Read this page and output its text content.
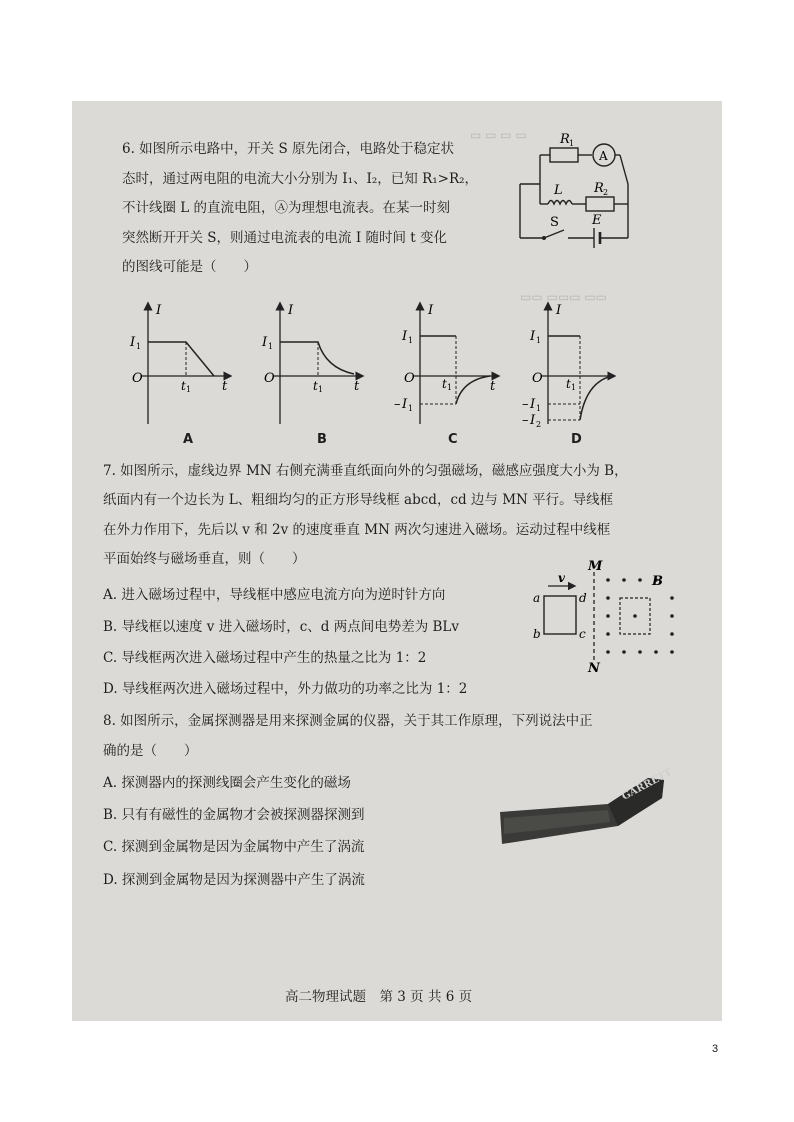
▭ ▭ ▭ ▭
▭▭ ▭▭▭ ▭▭
6. 如图所示电路中，开关 S 原先闭合，电路处于稳定状
态时，通过两电阻的电流大小分别为 I₁、I₂，已知 R₁>R₂，
不计线圈 L 的直流电阻，Ⓐ为理想电流表。在某一时刻
突然断开开关 S，则通过电流表的电流 I 随时间 t 变化
的图线可能是（　　）
A
R 1
L R 2
S	E
I
t
O
I 1
t 1
I
t
O
I 1
t 1
I
t
O
I 1
– I 1
t 1
I
O
I 1
– I 1
– I 2
t 1
A	B	C	D
7. 如图所示，虚线边界 MN 右侧充满垂直纸面向外的匀强磁场，磁感应强度大小为 B，
纸面内有一个边长为 L、粗细均匀的正方形导线框 abcd，cd 边与 MN 平行。导线框
在外力作用下，先后以 v 和 2v 的速度垂直 MN 两次匀速进入磁场。运动过程中线框
平面始终与磁场垂直，则（　　）
A. 进入磁场过程中，导线框中感应电流方向为逆时针方向
B. 导线框以速度 v 进入磁场时，c、d 两点间电势差为 BLv
C. 导线框两次进入磁场过程中产生的热量之比为 1：2
D. 导线框两次进入磁场过程中，外力做功的功率之比为 1：2
M
N
B
v
a
b	c
d
8. 如图所示，金属探测器是用来探测金属的仪器，关于其工作原理，下列说法中正
确的是（　　）
A. 探测器内的探测线圈会产生变化的磁场
B. 只有有磁性的金属物才会被探测器探测到
C. 探测到金属物是因为金属物中产生了涡流
D. 探测到金属物是因为探测器中产生了涡流
GARRETT
高二物理试题　第 3 页 共 6 页
3
